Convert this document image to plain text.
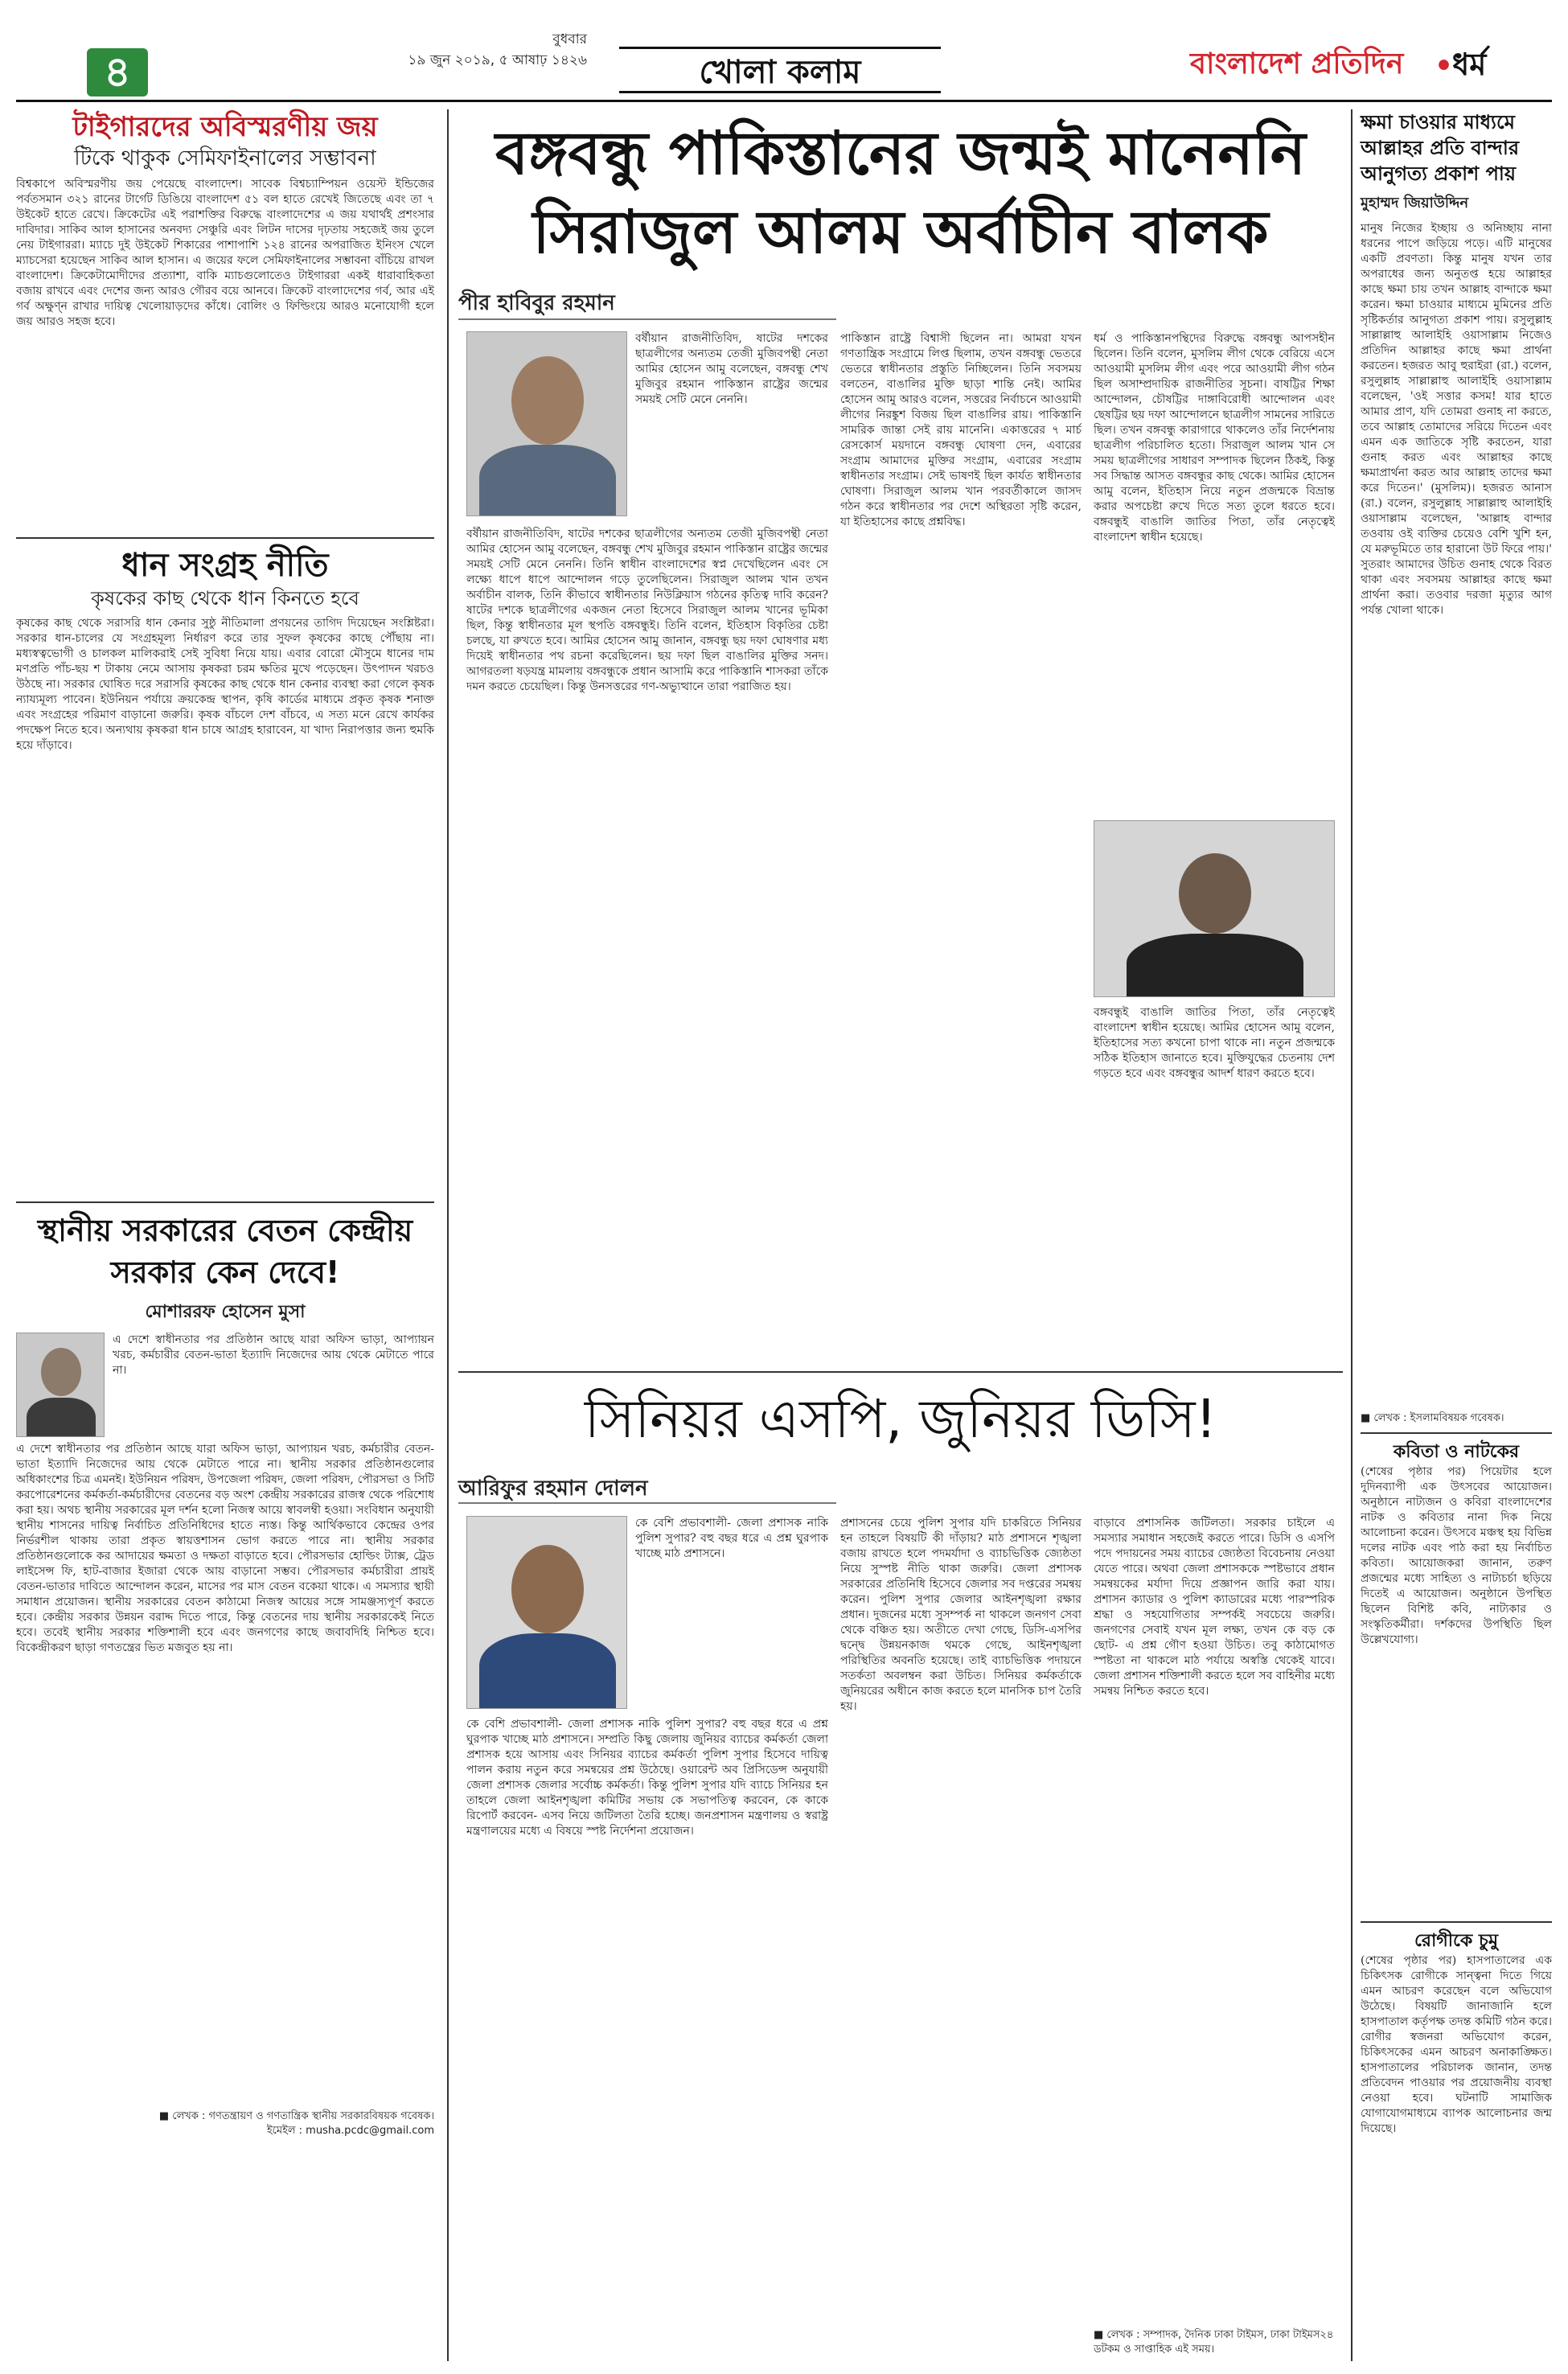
৪
বুধবার
১৯ জুন ২০১৯, ৫ আষাঢ় ১৪২৬	খোলা কলাম	বাংলাদেশ প্রতিদিন	•
ধর্ম
টাইগারদের অবিস্মরণীয় জয়
টিকে থাকুক সেমিফাইনালের সম্ভাবনা
বিশ্বকাপে অবিস্মরণীয় জয় পেয়েছে বাংলাদেশ। সাবেক বিশ্বচ্যাম্পিয়ন ওয়েস্ট ইন্ডিজের পর্বতসমান ৩২১ রানের টার্গেট ডিঙিয়ে বাংলাদেশ ৫১ বল হাতে রেখেই জিতেছে এবং তা ৭ উইকেট হাতে রেখে। ক্রিকেটের এই পরাশক্তির বিরুদ্ধে বাংলাদেশের এ জয় যথার্থই প্রশংসার দাবিদার। সাকিব আল হাসানের অনবদ্য সেঞ্চুরি এবং লিটন দাসের দৃঢ়তায় সহজেই জয় তুলে নেয় টাইগাররা। ম্যাচে দুই উইকেট শিকারের পাশাপাশি ১২৪ রানের অপরাজিত ইনিংস খেলে ম্যাচসেরা হয়েছেন সাকিব আল হাসান। এ জয়ের ফলে সেমিফাইনালের সম্ভাবনা বাঁচিয়ে রাখল বাংলাদেশ। ক্রিকেটামোদীদের প্রত্যাশা, বাকি ম্যাচগুলোতেও টাইগাররা একই ধারাবাহিকতা বজায় রাখবে এবং দেশের জন্য আরও গৌরব বয়ে আনবে। ক্রিকেট বাংলাদেশের গর্ব, আর এই গর্ব অক্ষুণ্ন রাখার দায়িত্ব খেলোয়াড়দের কাঁধে। বোলিং ও ফিল্ডিংয়ে আরও মনোযোগী হলে জয় আরও সহজ হবে।
ধান সংগ্রহ নীতি
কৃষকের কাছ থেকে ধান কিনতে হবে
কৃষকের কাছ থেকে সরাসরি ধান কেনার সুষ্ঠু নীতিমালা প্রণয়নের তাগিদ দিয়েছেন সংশ্লিষ্টরা। সরকার ধান-চালের যে সংগ্রহমূল্য নির্ধারণ করে তার সুফল কৃষকের কাছে পৌঁছায় না। মধ্যস্বত্বভোগী ও চালকল মালিকরাই সেই সুবিধা নিয়ে যায়। এবার বোরো মৌসুমে ধানের দাম মণপ্রতি পাঁচ-ছয় শ টাকায় নেমে আসায় কৃষকরা চরম ক্ষতির মুখে পড়েছেন। উৎপাদন খরচও উঠছে না। সরকার ঘোষিত দরে সরাসরি কৃষকের কাছ থেকে ধান কেনার ব্যবস্থা করা গেলে কৃষক ন্যায্যমূল্য পাবেন। ইউনিয়ন পর্যায়ে ক্রয়কেন্দ্র স্থাপন, কৃষি কার্ডের মাধ্যমে প্রকৃত কৃষক শনাক্ত এবং সংগ্রহের পরিমাণ বাড়ানো জরুরি। কৃষক বাঁচলে দেশ বাঁচবে, এ সত্য মনে রেখে কার্যকর পদক্ষেপ নিতে হবে। অন্যথায় কৃষকরা ধান চাষে আগ্রহ হারাবেন, যা খাদ্য নিরাপত্তার জন্য হুমকি হয়ে দাঁড়াবে।
স্থানীয় সরকারের বেতন কেন্দ্রীয় সরকার কেন দেবে!
মোশাররফ হোসেন মুসা
এ দেশে স্বাধীনতার পর প্রতিষ্ঠান আছে যারা অফিস ভাড়া, আপ্যায়ন খরচ, কর্মচারীর বেতন-ভাতা ইত্যাদি নিজেদের আয় থেকে মেটাতে পারে না।
এ দেশে স্বাধীনতার পর প্রতিষ্ঠান আছে যারা অফিস ভাড়া, আপ্যায়ন খরচ, কর্মচারীর বেতন-ভাতা ইত্যাদি নিজেদের আয় থেকে মেটাতে পারে না। স্থানীয় সরকার প্রতিষ্ঠানগুলোর অধিকাংশের চিত্র এমনই। ইউনিয়ন পরিষদ, উপজেলা পরিষদ, জেলা পরিষদ, পৌরসভা ও সিটি করপোরেশনের কর্মকর্তা-কর্মচারীদের বেতনের বড় অংশ কেন্দ্রীয় সরকারের রাজস্ব থেকে পরিশোধ করা হয়। অথচ স্থানীয় সরকারের মূল দর্শন হলো নিজস্ব আয়ে স্বাবলম্বী হওয়া। সংবিধান অনুযায়ী স্থানীয় শাসনের দায়িত্ব নির্বাচিত প্রতিনিধিদের হাতে ন্যস্ত। কিন্তু আর্থিকভাবে কেন্দ্রের ওপর নির্ভরশীল থাকায় তারা প্রকৃত স্বায়ত্তশাসন ভোগ করতে পারে না। স্থানীয় সরকার প্রতিষ্ঠানগুলোকে কর আদায়ের ক্ষমতা ও দক্ষতা বাড়াতে হবে। পৌরসভার হোল্ডিং ট্যাক্স, ট্রেড লাইসেন্স ফি, হাট-বাজার ইজারা থেকে আয় বাড়ানো সম্ভব। পৌরসভার কর্মচারীরা প্রায়ই বেতন-ভাতার দাবিতে আন্দোলন করেন, মাসের পর মাস বেতন বকেয়া থাকে। এ সমস্যার স্থায়ী সমাধান প্রয়োজন। স্থানীয় সরকারের বেতন কাঠামো নিজস্ব আয়ের সঙ্গে সামঞ্জস্যপূর্ণ করতে হবে। কেন্দ্রীয় সরকার উন্নয়ন বরাদ্দ দিতে পারে, কিন্তু বেতনের দায় স্থানীয় সরকারকেই নিতে হবে। তবেই স্থানীয় সরকার শক্তিশালী হবে এবং জনগণের কাছে জবাবদিহি নিশ্চিত হবে। বিকেন্দ্রীকরণ ছাড়া গণতন্ত্রের ভিত মজবুত হয় না।
■ লেখক : গণতন্ত্রায়ণ ও গণতান্ত্রিক স্থানীয় সরকারবিষয়ক গবেষক।
ইমেইল : musha.pcdc@gmail.com
বঙ্গবন্ধু পাকিস্তানের জন্মই মানেননি
সিরাজুল আলম অর্বাচীন বালক
পীর হাবিবুর রহমান
বর্ষীয়ান রাজনীতিবিদ, ষাটের দশকের ছাত্রলীগের অন্যতম তেজী মুজিবপন্থী নেতা আমির হোসেন আমু বলেছেন, বঙ্গবন্ধু শেখ মুজিবুর রহমান পাকিস্তান রাষ্ট্রের জন্মের সময়ই সেটি মেনে নেননি।
বর্ষীয়ান রাজনীতিবিদ, ষাটের দশকের ছাত্রলীগের অন্যতম তেজী মুজিবপন্থী নেতা আমির হোসেন আমু বলেছেন, বঙ্গবন্ধু শেখ মুজিবুর রহমান পাকিস্তান রাষ্ট্রের জন্মের সময়ই সেটি মেনে নেননি। তিনি স্বাধীন বাংলাদেশের স্বপ্ন দেখেছিলেন এবং সে লক্ষ্যে ধাপে ধাপে আন্দোলন গড়ে তুলেছিলেন। সিরাজুল আলম খান তখন অর্বাচীন বালক, তিনি কীভাবে স্বাধীনতার নিউক্লিয়াস গঠনের কৃতিত্ব দাবি করেন? ষাটের দশকে ছাত্রলীগের একজন নেতা হিসেবে সিরাজুল আলম খানের ভূমিকা ছিল, কিন্তু স্বাধীনতার মূল স্থপতি বঙ্গবন্ধুই। তিনি বলেন, ইতিহাস বিকৃতির চেষ্টা চলছে, যা রুখতে হবে। আমির হোসেন আমু জানান, বঙ্গবন্ধু ছয় দফা ঘোষণার মধ্য দিয়েই স্বাধীনতার পথ রচনা করেছিলেন। ছয় দফা ছিল বাঙালির মুক্তির সনদ। আগরতলা ষড়যন্ত্র মামলায় বঙ্গবন্ধুকে প্রধান আসামি করে পাকিস্তানি শাসকরা তাঁকে দমন করতে চেয়েছিল। কিন্তু উনসত্তরের গণ-অভ্যুত্থানে তারা পরাজিত হয়।
পাকিস্তান রাষ্ট্রে বিশ্বাসী ছিলেন না। আমরা যখন গণতান্ত্রিক সংগ্রামে লিপ্ত ছিলাম, তখন বঙ্গবন্ধু ভেতরে ভেতরে স্বাধীনতার প্রস্তুতি নিচ্ছিলেন। তিনি সবসময় বলতেন, বাঙালির মুক্তি ছাড়া শান্তি নেই। আমির হোসেন আমু আরও বলেন, সত্তরের নির্বাচনে আওয়ামী লীগের নিরঙ্কুশ বিজয় ছিল বাঙালির রায়। পাকিস্তানি সামরিক জান্তা সেই রায় মানেনি। একাত্তরের ৭ মার্চ রেসকোর্স ময়দানে বঙ্গবন্ধু ঘোষণা দেন, এবারের সংগ্রাম আমাদের মুক্তির সংগ্রাম, এবারের সংগ্রাম স্বাধীনতার সংগ্রাম। সেই ভাষণই ছিল কার্যত স্বাধীনতার ঘোষণা। সিরাজুল আলম খান পরবর্তীকালে জাসদ গঠন করে স্বাধীনতার পর দেশে অস্থিরতা সৃষ্টি করেন, যা ইতিহাসের কাছে প্রশ্নবিদ্ধ।
ধর্ম ও পাকিস্তানপন্থিদের বিরুদ্ধে বঙ্গবন্ধু আপসহীন ছিলেন। তিনি বলেন, মুসলিম লীগ থেকে বেরিয়ে এসে আওয়ামী মুসলিম লীগ এবং পরে আওয়ামী লীগ গঠন ছিল অসাম্প্রদায়িক রাজনীতির সূচনা। বাষট্টির শিক্ষা আন্দোলন, চৌষট্টির দাঙ্গাবিরোধী আন্দোলন এবং ছেষট্টির ছয় দফা আন্দোলনে ছাত্রলীগ সামনের সারিতে ছিল। তখন বঙ্গবন্ধু কারাগারে থাকলেও তাঁর নির্দেশনায় ছাত্রলীগ পরিচালিত হতো। সিরাজুল আলম খান সে সময় ছাত্রলীগের সাধারণ সম্পাদক ছিলেন ঠিকই, কিন্তু সব সিদ্ধান্ত আসত বঙ্গবন্ধুর কাছ থেকে। আমির হোসেন আমু বলেন, ইতিহাস নিয়ে নতুন প্রজন্মকে বিভ্রান্ত করার অপচেষ্টা রুখে দিতে সত্য তুলে ধরতে হবে। বঙ্গবন্ধুই বাঙালি জাতির পিতা, তাঁর নেতৃত্বেই বাংলাদেশ স্বাধীন হয়েছে।
বঙ্গবন্ধুই বাঙালি জাতির পিতা, তাঁর নেতৃত্বেই বাংলাদেশ স্বাধীন হয়েছে। আমির হোসেন আমু বলেন, ইতিহাসের সত্য কখনো চাপা থাকে না। নতুন প্রজন্মকে সঠিক ইতিহাস জানাতে হবে। মুক্তিযুদ্ধের চেতনায় দেশ গড়তে হবে এবং বঙ্গবন্ধুর আদর্শ ধারণ করতে হবে।
সিনিয়র এসপি, জুনিয়র ডিসি!
আরিফুর রহমান দোলন
কে বেশি প্রভাবশালী- জেলা প্রশাসক নাকি পুলিশ সুপার? বহু বছর ধরে এ প্রশ্ন ঘুরপাক খাচ্ছে মাঠ প্রশাসনে।
কে বেশি প্রভাবশালী- জেলা প্রশাসক নাকি পুলিশ সুপার? বহু বছর ধরে এ প্রশ্ন ঘুরপাক খাচ্ছে মাঠ প্রশাসনে। সম্প্রতি কিছু জেলায় জুনিয়র ব্যাচের কর্মকর্তা জেলা প্রশাসক হয়ে আসায় এবং সিনিয়র ব্যাচের কর্মকর্তা পুলিশ সুপার হিসেবে দায়িত্ব পালন করায় নতুন করে সমন্বয়ের প্রশ্ন উঠেছে। ওয়ারেন্ট অব প্রিসিডেন্স অনুযায়ী জেলা প্রশাসক জেলার সর্বোচ্চ কর্মকর্তা। কিন্তু পুলিশ সুপার যদি ব্যাচে সিনিয়র হন তাহলে জেলা আইনশৃঙ্খলা কমিটির সভায় কে সভাপতিত্ব করবেন, কে কাকে রিপোর্ট করবেন- এসব নিয়ে জটিলতা তৈরি হচ্ছে। জনপ্রশাসন মন্ত্রণালয় ও স্বরাষ্ট্র মন্ত্রণালয়ের মধ্যে এ বিষয়ে স্পষ্ট নির্দেশনা প্রয়োজন।
প্রশাসনের চেয়ে পুলিশ সুপার যদি চাকরিতে সিনিয়র হন তাহলে বিষয়টি কী দাঁড়ায়? মাঠ প্রশাসনে শৃঙ্খলা বজায় রাখতে হলে পদমর্যাদা ও ব্যাচভিত্তিক জ্যেষ্ঠতা নিয়ে সুস্পষ্ট নীতি থাকা জরুরি। জেলা প্রশাসক সরকারের প্রতিনিধি হিসেবে জেলার সব দপ্তরের সমন্বয় করেন। পুলিশ সুপার জেলার আইনশৃঙ্খলা রক্ষার প্রধান। দুজনের মধ্যে সুসম্পর্ক না থাকলে জনগণ সেবা থেকে বঞ্চিত হয়। অতীতে দেখা গেছে, ডিসি-এসপির দ্বন্দ্বে উন্নয়নকাজ থমকে গেছে, আইনশৃঙ্খলা পরিস্থিতির অবনতি হয়েছে। তাই ব্যাচভিত্তিক পদায়নে সতর্কতা অবলম্বন করা উচিত। সিনিয়র কর্মকর্তাকে জুনিয়রের অধীনে কাজ করতে হলে মানসিক চাপ তৈরি হয়।
বাড়াবে প্রশাসনিক জটিলতা। সরকার চাইলে এ সমস্যার সমাধান সহজেই করতে পারে। ডিসি ও এসপি পদে পদায়নের সময় ব্যাচের জ্যেষ্ঠতা বিবেচনায় নেওয়া যেতে পারে। অথবা জেলা প্রশাসককে স্পষ্টভাবে প্রধান সমন্বয়কের মর্যাদা দিয়ে প্রজ্ঞাপন জারি করা যায়। প্রশাসন ক্যাডার ও পুলিশ ক্যাডারের মধ্যে পারস্পরিক শ্রদ্ধা ও সহযোগিতার সম্পর্কই সবচেয়ে জরুরি। জনগণের সেবাই যখন মূল লক্ষ্য, তখন কে বড় কে ছোট- এ প্রশ্ন গৌণ হওয়া উচিত। তবু কাঠামোগত স্পষ্টতা না থাকলে মাঠ পর্যায়ে অস্বস্তি থেকেই যাবে। জেলা প্রশাসন শক্তিশালী করতে হলে সব বাহিনীর মধ্যে সমন্বয় নিশ্চিত করতে হবে।
■ লেখক : সম্পাদক, দৈনিক ঢাকা টাইমস, ঢাকা টাইমস২৪ ডটকম ও সাপ্তাহিক এই সময়।
ক্ষমা চাওয়ার মাধ্যমে আল্লাহর প্রতি বান্দার আনুগত্য প্রকাশ পায়
মুহাম্মদ জিয়াউদ্দিন
মানুষ নিজের ইচ্ছায় ও অনিচ্ছায় নানা ধরনের পাপে জড়িয়ে পড়ে। এটি মানুষের একটি প্রবণতা। কিন্তু মানুষ যখন তার অপরাধের জন্য অনুতপ্ত হয়ে আল্লাহর কাছে ক্ষমা চায় তখন আল্লাহ বান্দাকে ক্ষমা করেন। ক্ষমা চাওয়ার মাধ্যমে মুমিনের প্রতি সৃষ্টিকর্তার আনুগত্য প্রকাশ পায়। রসুলুল্লাহ সাল্লাল্লাহু আলাইহি ওয়াসাল্লাম নিজেও প্রতিদিন আল্লাহর কাছে ক্ষমা প্রার্থনা করতেন। হজরত আবু হুরাইরা (রা.) বলেন, রসুলুল্লাহ সাল্লাল্লাহু আলাইহি ওয়াসাল্লাম বলেছেন, 'ওই সত্তার কসম! যার হাতে আমার প্রাণ, যদি তোমরা গুনাহ না করতে, তবে আল্লাহ তোমাদের সরিয়ে দিতেন এবং এমন এক জাতিকে সৃষ্টি করতেন, যারা গুনাহ করত এবং আল্লাহর কাছে ক্ষমাপ্রার্থনা করত আর আল্লাহ তাদের ক্ষমা করে দিতেন।' (মুসলিম)। হজরত আনাস (রা.) বলেন, রসুলুল্লাহ সাল্লাল্লাহু আলাইহি ওয়াসাল্লাম বলেছেন, 'আল্লাহ বান্দার তওবায় ওই ব্যক্তির চেয়েও বেশি খুশি হন, যে মরুভূমিতে তার হারানো উট ফিরে পায়।' সুতরাং আমাদের উচিত গুনাহ থেকে বিরত থাকা এবং সবসময় আল্লাহর কাছে ক্ষমা প্রার্থনা করা। তওবার দরজা মৃত্যুর আগ পর্যন্ত খোলা থাকে।
■ লেখক : ইসলামবিষয়ক গবেষক।
কবিতা ও নাটকের
(শেষের পৃষ্ঠার পর) পিয়েটার হলে দুদিনব্যাপী এক উৎসবের আয়োজন। অনুষ্ঠানে নাট্যজন ও কবিরা বাংলাদেশের নাটক ও কবিতার নানা দিক নিয়ে আলোচনা করেন। উৎসবে মঞ্চস্থ হয় বিভিন্ন দলের নাটক এবং পাঠ করা হয় নির্বাচিত কবিতা। আয়োজকরা জানান, তরুণ প্রজন্মের মধ্যে সাহিত্য ও নাট্যচর্চা ছড়িয়ে দিতেই এ আয়োজন। অনুষ্ঠানে উপস্থিত ছিলেন বিশিষ্ট কবি, নাট্যকার ও সংস্কৃতিকর্মীরা। দর্শকদের উপস্থিতি ছিল উল্লেখযোগ্য।
রোগীকে চুমু
(শেষের পৃষ্ঠার পর) হাসপাতালের এক চিকিৎসক রোগীকে সান্ত্বনা দিতে গিয়ে এমন আচরণ করেছেন বলে অভিযোগ উঠেছে। বিষয়টি জানাজানি হলে হাসপাতাল কর্তৃপক্ষ তদন্ত কমিটি গঠন করে। রোগীর স্বজনরা অভিযোগ করেন, চিকিৎসকের এমন আচরণ অনাকাঙ্ক্ষিত। হাসপাতালের পরিচালক জানান, তদন্ত প্রতিবেদন পাওয়ার পর প্রয়োজনীয় ব্যবস্থা নেওয়া হবে। ঘটনাটি সামাজিক যোগাযোগমাধ্যমে ব্যাপক আলোচনার জন্ম দিয়েছে।
